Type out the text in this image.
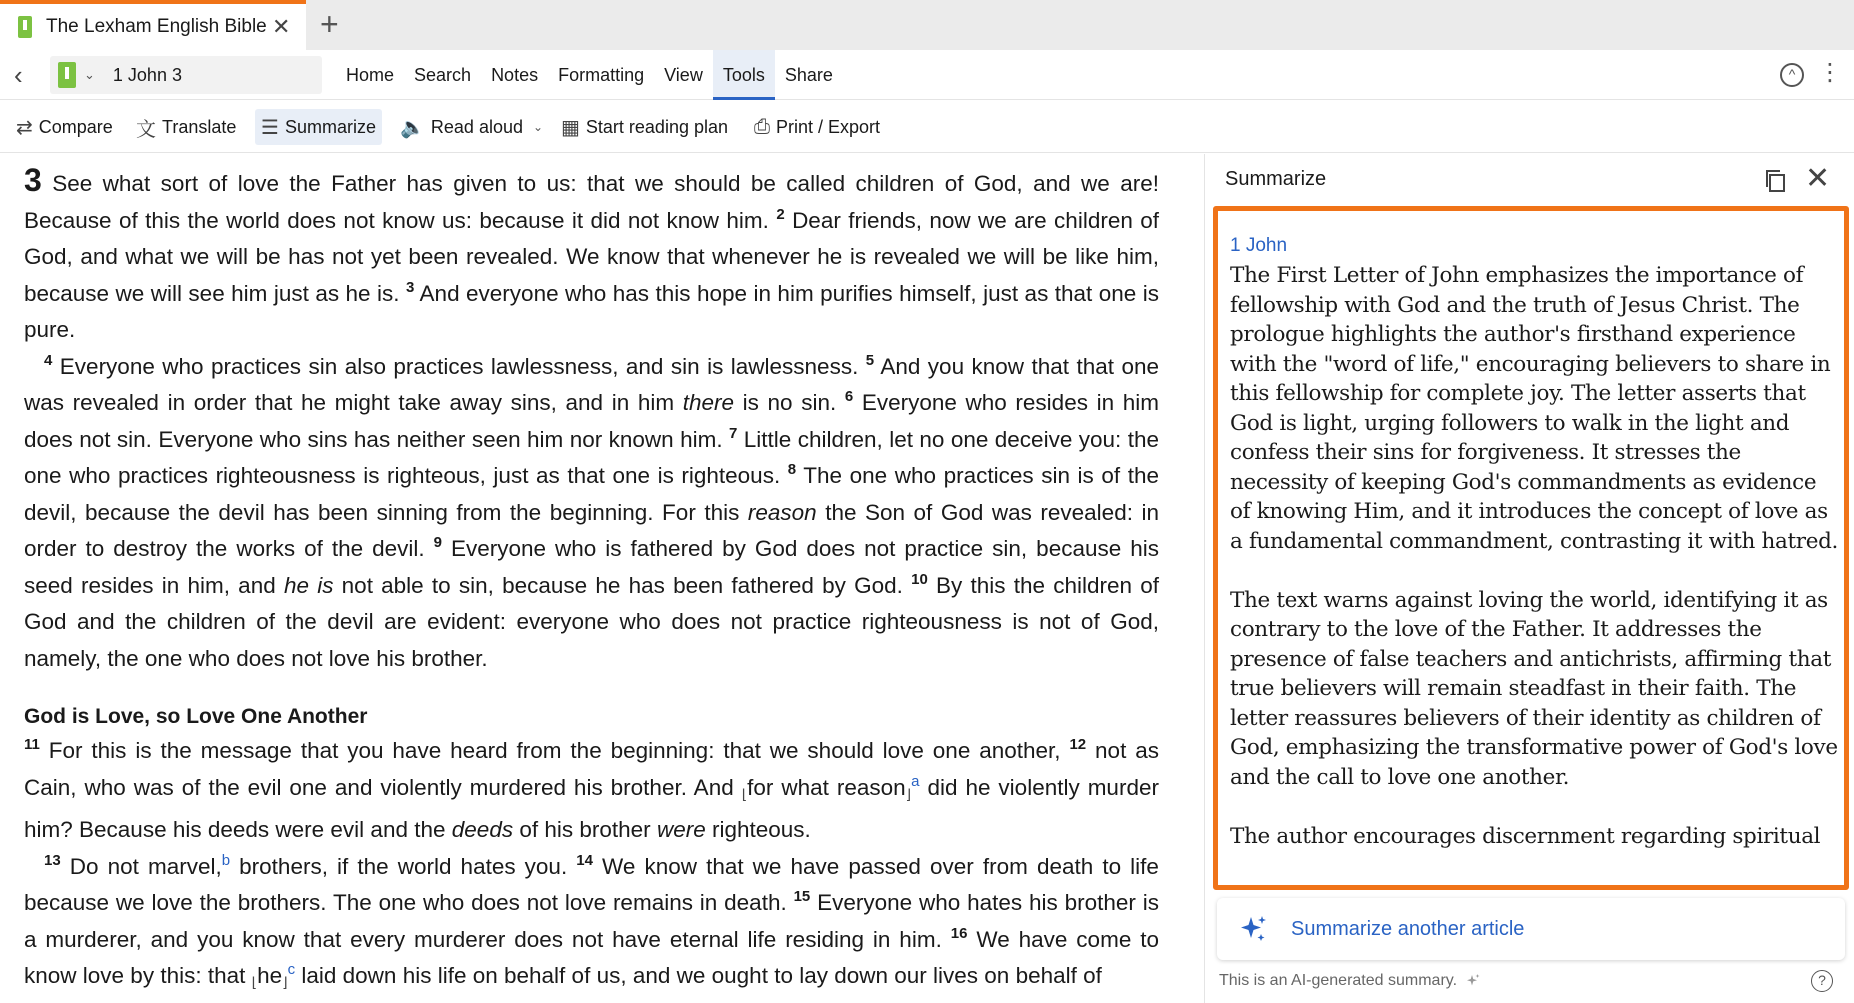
The Lexham English Bible ✕ +
‹	⌄ 1 John 3	Home	Search	Notes	Formatting	View	Tools	Share	^ ⋮
⇄ Compare 文 Translate ☰ Summarize 🔈 Read aloud ⌄ ▦ Start reading plan ⎙ Print / Export

3 See what sort of love the Father has given to us: that we should be called children of God, and we are! Because of this the world does not know us: because it did not know him. $^2$ Dear friends, now we are children of God, and what we will be has not yet been revealed. We know that whenever he is revealed we will be like him, because we will see him just as he is. $^3$ And everyone who has this hope in him purifies himself, just as that one is pure.

$^4$ Everyone who practices sin also practices lawlessness, and sin is lawlessness. $^5$ And you know that that one was revealed in order that he might take away sins, and in him there is no sin. $^6$ Everyone who resides in him does not sin. Everyone who sins has neither seen him nor known him. $^7$ Little children, let no one deceive you: the one who practices righteousness is righteous, just as that one is righteous. $^8$ The one who practices sin is of the devil, because the devil has been sinning from the beginning. For this reason the Son of God was revealed: in order to destroy the works of the devil. $^9$ Everyone who is fathered by God does not practice sin, because his seed resides in him, and he is not able to sin, because he has been fathered by God. $^{10}$ By this the children of God and the children of the devil are evident: everyone who does not practice righteousness is not of God, namely, the one who does not love his brother.

God is Love, so Love One Another

$^{11}$ For this is the message that you have heard from the beginning: that we should love one another, $^{12}$ not as Cain, who was of the evil one and violently murdered his brother. And ⌊for what reason⌋$^a$ did he violently murder him? Because his deeds were evil and the deeds of his brother were righteous.

$^{13}$ Do not marvel,$^b$ brothers, if the world hates you. $^{14}$ We know that we have passed over from death to life because we love the brothers. The one who does not love remains in death. $^{15}$ Everyone who hates his brother is a murderer, and you know that every murderer does not have eternal life residing in him. $^{16}$ We have come to know love by this: that ⌊he⌋$^c$ laid down his life on behalf of us, and we ought to lay down our lives on behalf of

Summarize	✕
1 John

The First Letter of John emphasizes the importance of fellowship with God and the truth of Jesus Christ. The prologue highlights the author's firsthand experience with the "word of life," encouraging believers to share in this fellowship for complete joy. The letter asserts that God is light, urging followers to walk in the light and confess their sins for forgiveness. It stresses the necessity of keeping God's commandments as evidence of knowing Him, and it introduces the concept of love as a fundamental commandment, contrasting it with hatred.

The text warns against loving the world, identifying it as contrary to the love of the Father. It addresses the presence of false teachers and antichrists, affirming that true believers will remain steadfast in their faith. The letter reassures believers of their identity as children of God, emphasizing the transformative power of God's love and the call to love one another.

The author encourages discernment regarding spiritual

Summarize another article
This is an AI-generated summary.	?
